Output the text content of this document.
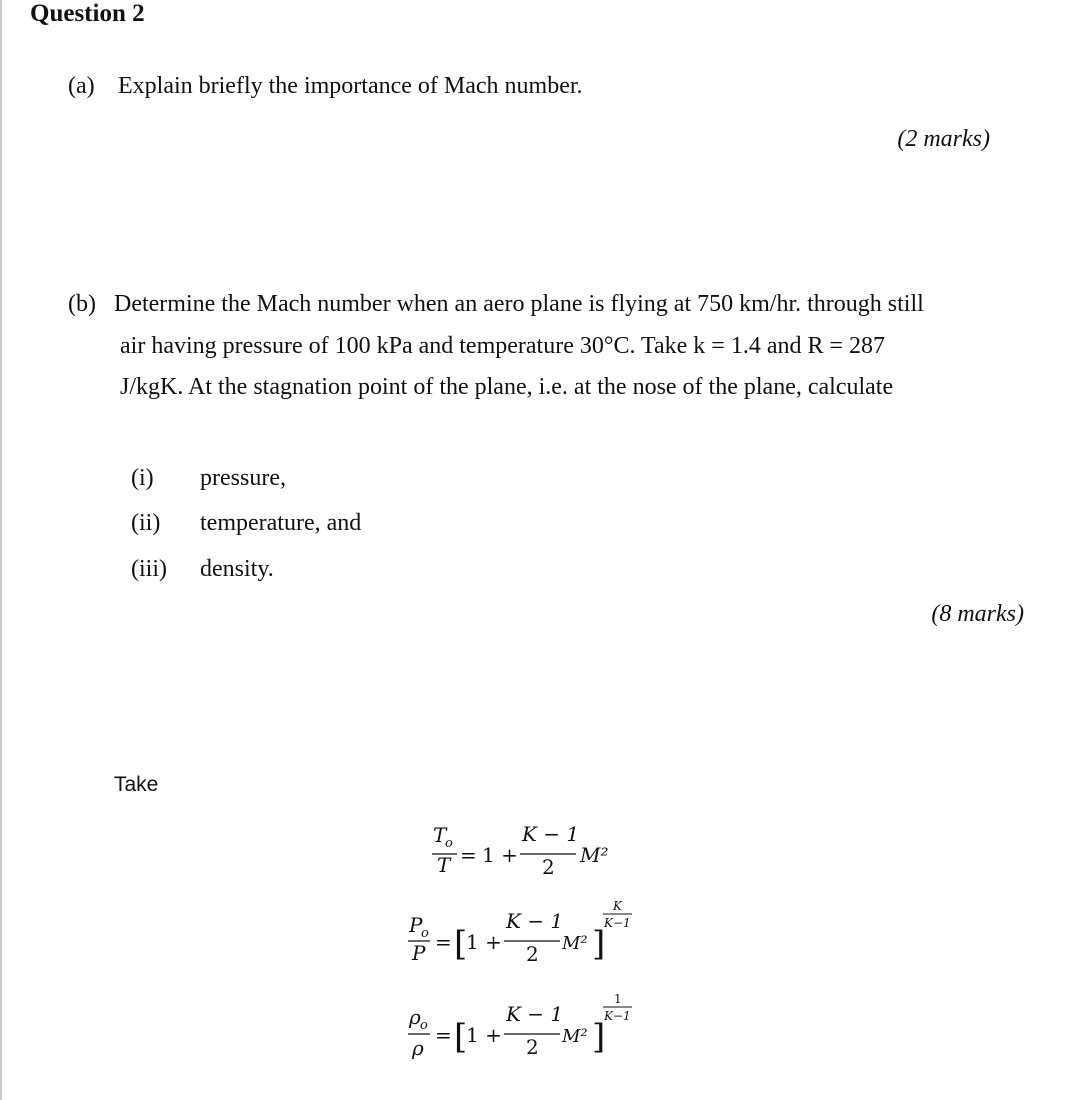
Question 2
(a) Explain briefly the importance of Mach number.
(2 marks)
(b) Determine the Mach number when an aero plane is flying at 750 km/hr. through still
air having pressure of 100 kPa and temperature 30°C. Take k = 1.4 and R = 287
J/kgK. At the stagnation point of the plane, i.e. at the nose of the plane, calculate
(i) pressure,
(ii) temperature, and
(iii) density.
(8 marks)
Take
T
o
T = 1 +
K − 1
2 M²
P
o
P = [
1 +
K − 1
2 M² ]
K
K−1
ρ o
ρ
= [
1 +
K − 1
2 M² ]
1
K−1
